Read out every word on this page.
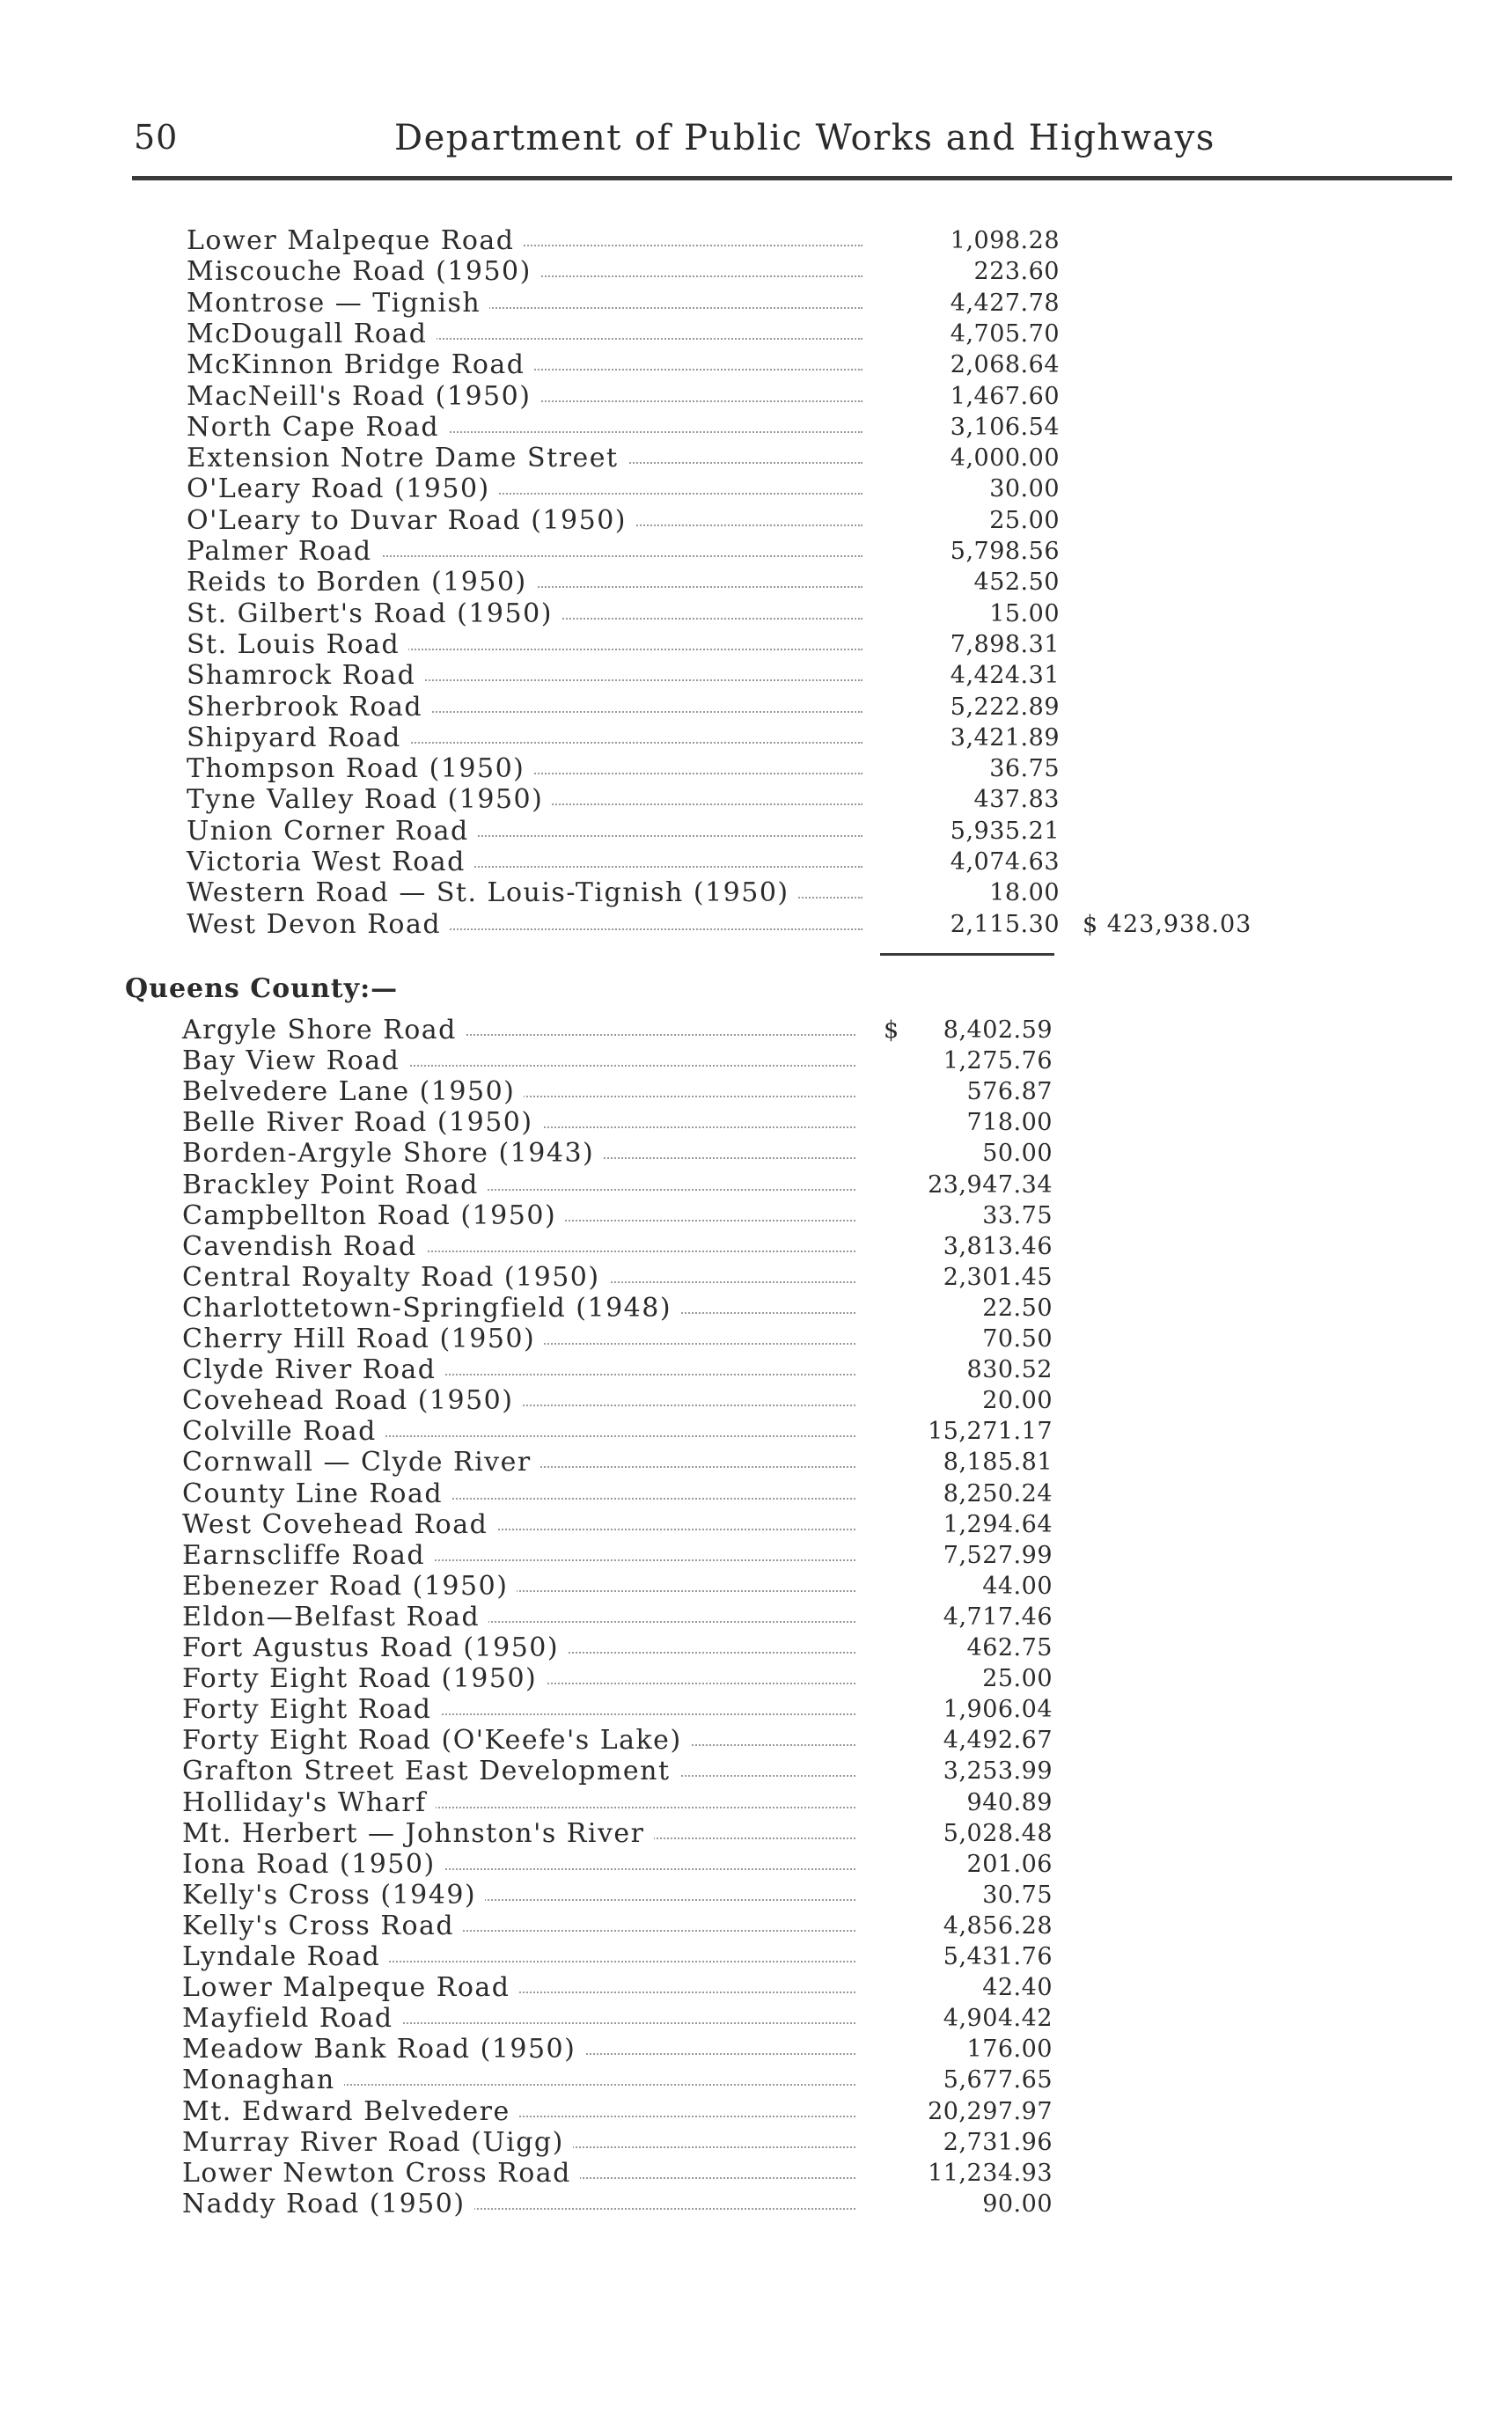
50	Department of Public Works and Highways
Lower Malpeque Road	1,098.28
Miscouche Road (1950)	223.60
Montrose — Tignish	4,427.78
McDougall Road	4,705.70
McKinnon Bridge Road	2,068.64
MacNeill's Road (1950)	1,467.60
North Cape Road	3,106.54
Extension Notre Dame Street	4,000.00
O'Leary Road (1950)	30.00
O'Leary to Duvar Road (1950)	25.00
Palmer Road	5,798.56
Reids to Borden (1950)	452.50
St. Gilbert's Road (1950)	15.00
St. Louis Road	7,898.31
Shamrock Road	4,424.31
Sherbrook Road	5,222.89
Shipyard Road	3,421.89
Thompson Road (1950)	36.75
Tyne Valley Road (1950)	437.83
Union Corner Road	5,935.21
Victoria West Road	4,074.63
Western Road — St. Louis-Tignish (1950)	18.00
West Devon Road	2,115.30 $ 423,938.03
Queens County:—
Argyle Shore Road	8,402.59
$
Bay View Road	1,275.76
Belvedere Lane (1950)	576.87
Belle River Road (1950)	718.00
Borden-Argyle Shore (1943)	50.00
Brackley Point Road	23,947.34
Campbellton Road (1950)	33.75
Cavendish Road	3,813.46
Central Royalty Road (1950)	2,301.45
Charlottetown-Springfield (1948)	22.50
Cherry Hill Road (1950)	70.50
Clyde River Road	830.52
Covehead Road (1950)	20.00
Colville Road	15,271.17
Cornwall — Clyde River	8,185.81
County Line Road	8,250.24
West Covehead Road	1,294.64
Earnscliffe Road	7,527.99
Ebenezer Road (1950)	44.00
Eldon—Belfast Road	4,717.46
Fort Agustus Road (1950)	462.75
Forty Eight Road (1950)	25.00
Forty Eight Road	1,906.04
Forty Eight Road (O'Keefe's Lake)	4,492.67
Grafton Street East Development	3,253.99
Holliday's Wharf	940.89
Mt. Herbert — Johnston's River	5,028.48
Iona Road (1950)	201.06
Kelly's Cross (1949)	30.75
Kelly's Cross Road	4,856.28
Lyndale Road	5,431.76
Lower Malpeque Road	42.40
Mayfield Road	4,904.42
Meadow Bank Road (1950)	176.00
Monaghan	5,677.65
Mt. Edward Belvedere	20,297.97
Murray River Road (Uigg)	2,731.96
Lower Newton Cross Road	11,234.93
Naddy Road (1950)	90.00
